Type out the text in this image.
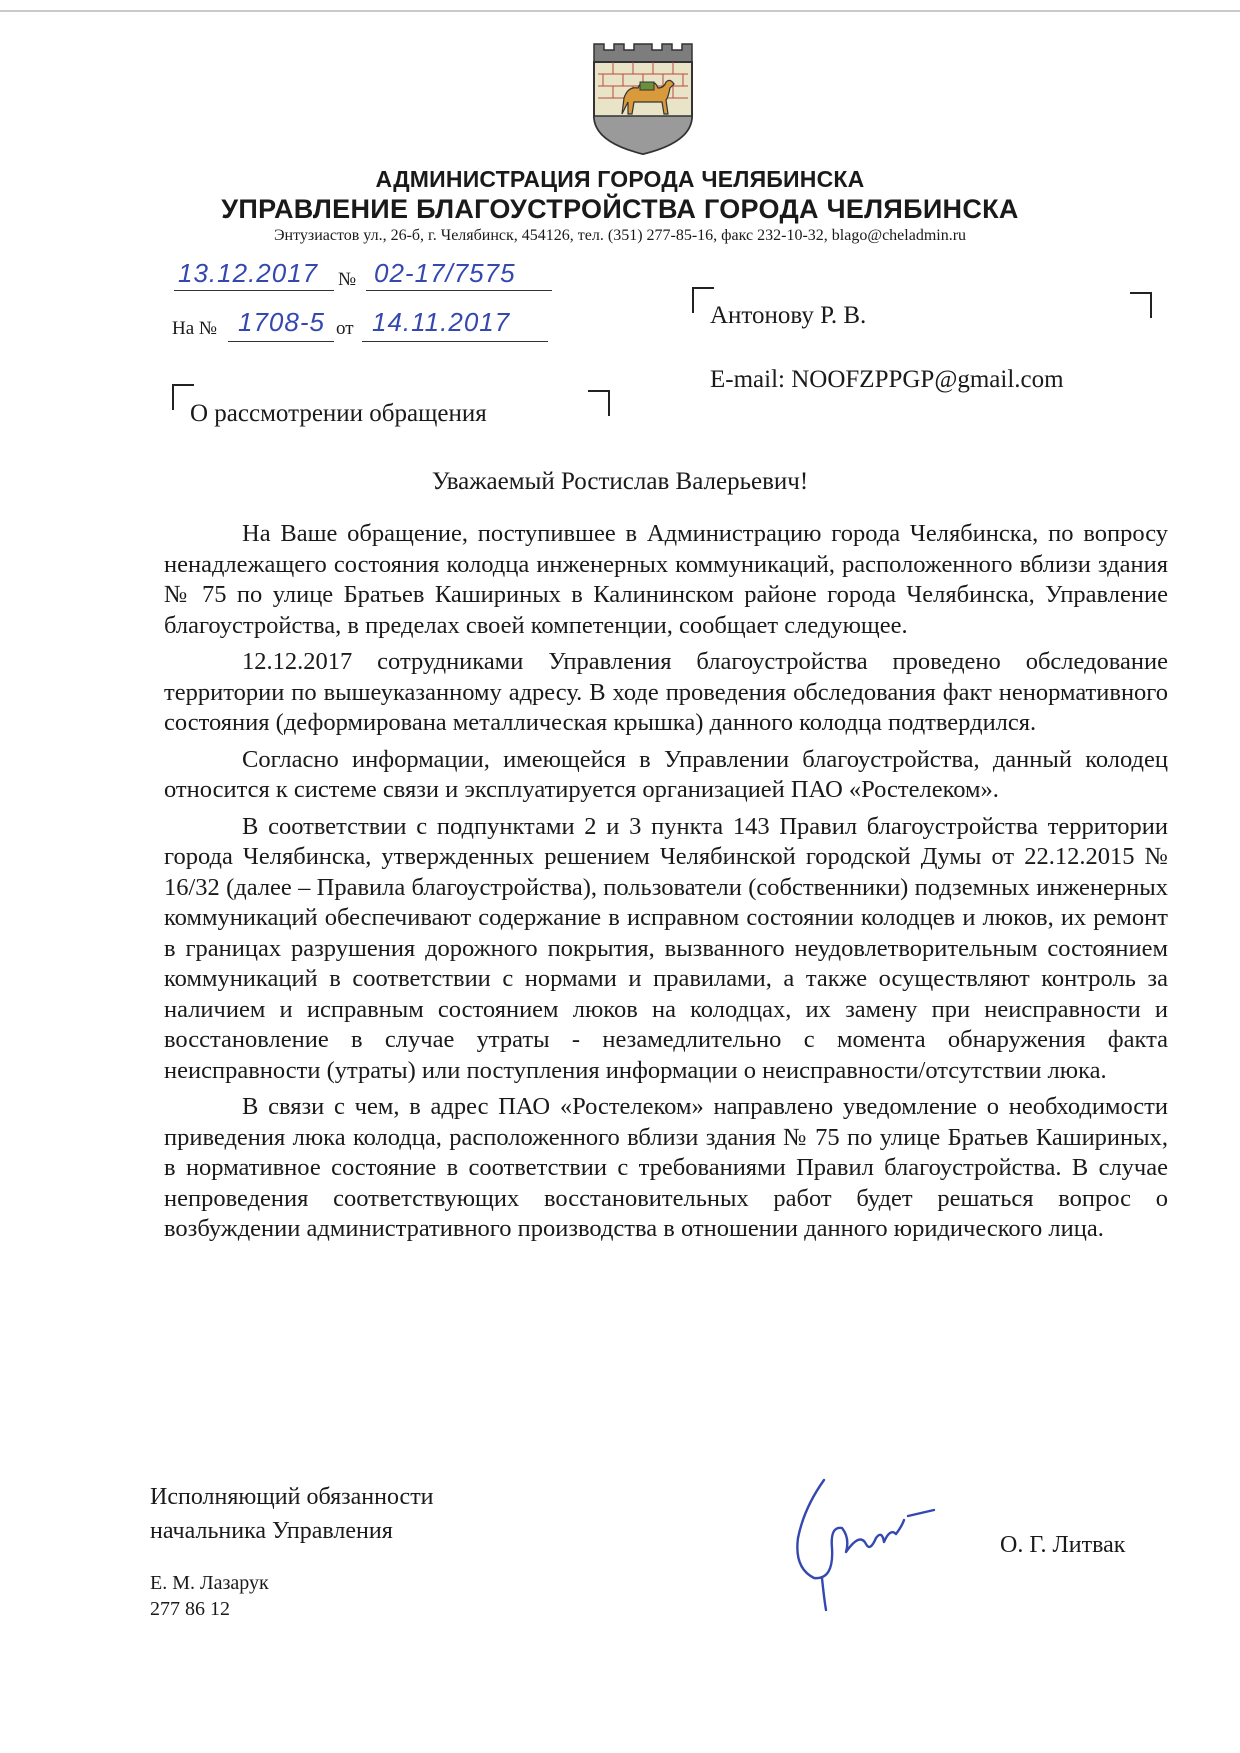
АДМИНИСТРАЦИЯ ГОРОДА ЧЕЛЯБИНСКА
УПРАВЛЕНИЕ БЛАГОУСТРОЙСТВА ГОРОДА ЧЕЛЯБИНСКА
Энтузиастов ул., 26-б, г. Челябинск, 454126, тел. (351) 277-85-16, факс 232-10-32, blago@cheladmin.ru
13.12.2017 № 02-17/7575
На № 1708-5 от 14.11.2017	Антонову Р. В.
E-mail: NOOFZPPGP@gmail.com
О рассмотрении обращения
Уважаемый Ростислав Валерьевич!

На Ваше обращение, поступившее в Администрацию города Челябинска, по вопросу ненадлежащего состояния колодца инженерных коммуникаций, расположенного вблизи здания № 75 по улице Братьев Кашириных в Калининском районе города Челябинска, Управление благоустройства, в пределах своей компетенции, сообщает следующее.

12.12.2017 сотрудниками Управления благоустройства проведено обследование территории по вышеуказанному адресу. В ходе проведения обследования факт ненормативного состояния (деформирована металлическая крышка) данного колодца подтвердился.

Согласно информации, имеющейся в Управлении благоустройства, данный колодец относится к системе связи и эксплуатируется организацией ПАО «Ростелеком».

В соответствии с подпунктами 2 и 3 пункта 143 Правил благоустройства территории города Челябинска, утвержденных решением Челябинской городской Думы от 22.12.2015 № 16/32 (далее – Правила благоустройства), пользователи (собственники) подземных инженерных коммуникаций обеспечивают содержание в исправном состоянии колодцев и люков, их ремонт в границах разрушения дорожного покрытия, вызванного неудовлетворительным состоянием коммуникаций в соответствии с нормами и правилами, а также осуществляют контроль за наличием и исправным состоянием люков на колодцах, их замену при неисправности и восстановление в случае утраты - незамедлительно с момента обнаружения факта неисправности (утраты) или поступления информации о неисправности/отсутствии люка.

В связи с чем, в адрес ПАО «Ростелеком» направлено уведомление о необходимости приведения люка колодца, расположенного вблизи здания № 75 по улице Братьев Кашириных, в нормативное состояние в соответствии с требованиями Правил благоустройства. В случае непроведения соответствующих восстановительных работ будет решаться вопрос о возбуждении административного производства в отношении данного юридического лица.

Исполняющий обязанности
начальника Управления
О. Г. Литвак
Е. М. Лазарук
277 86 12
